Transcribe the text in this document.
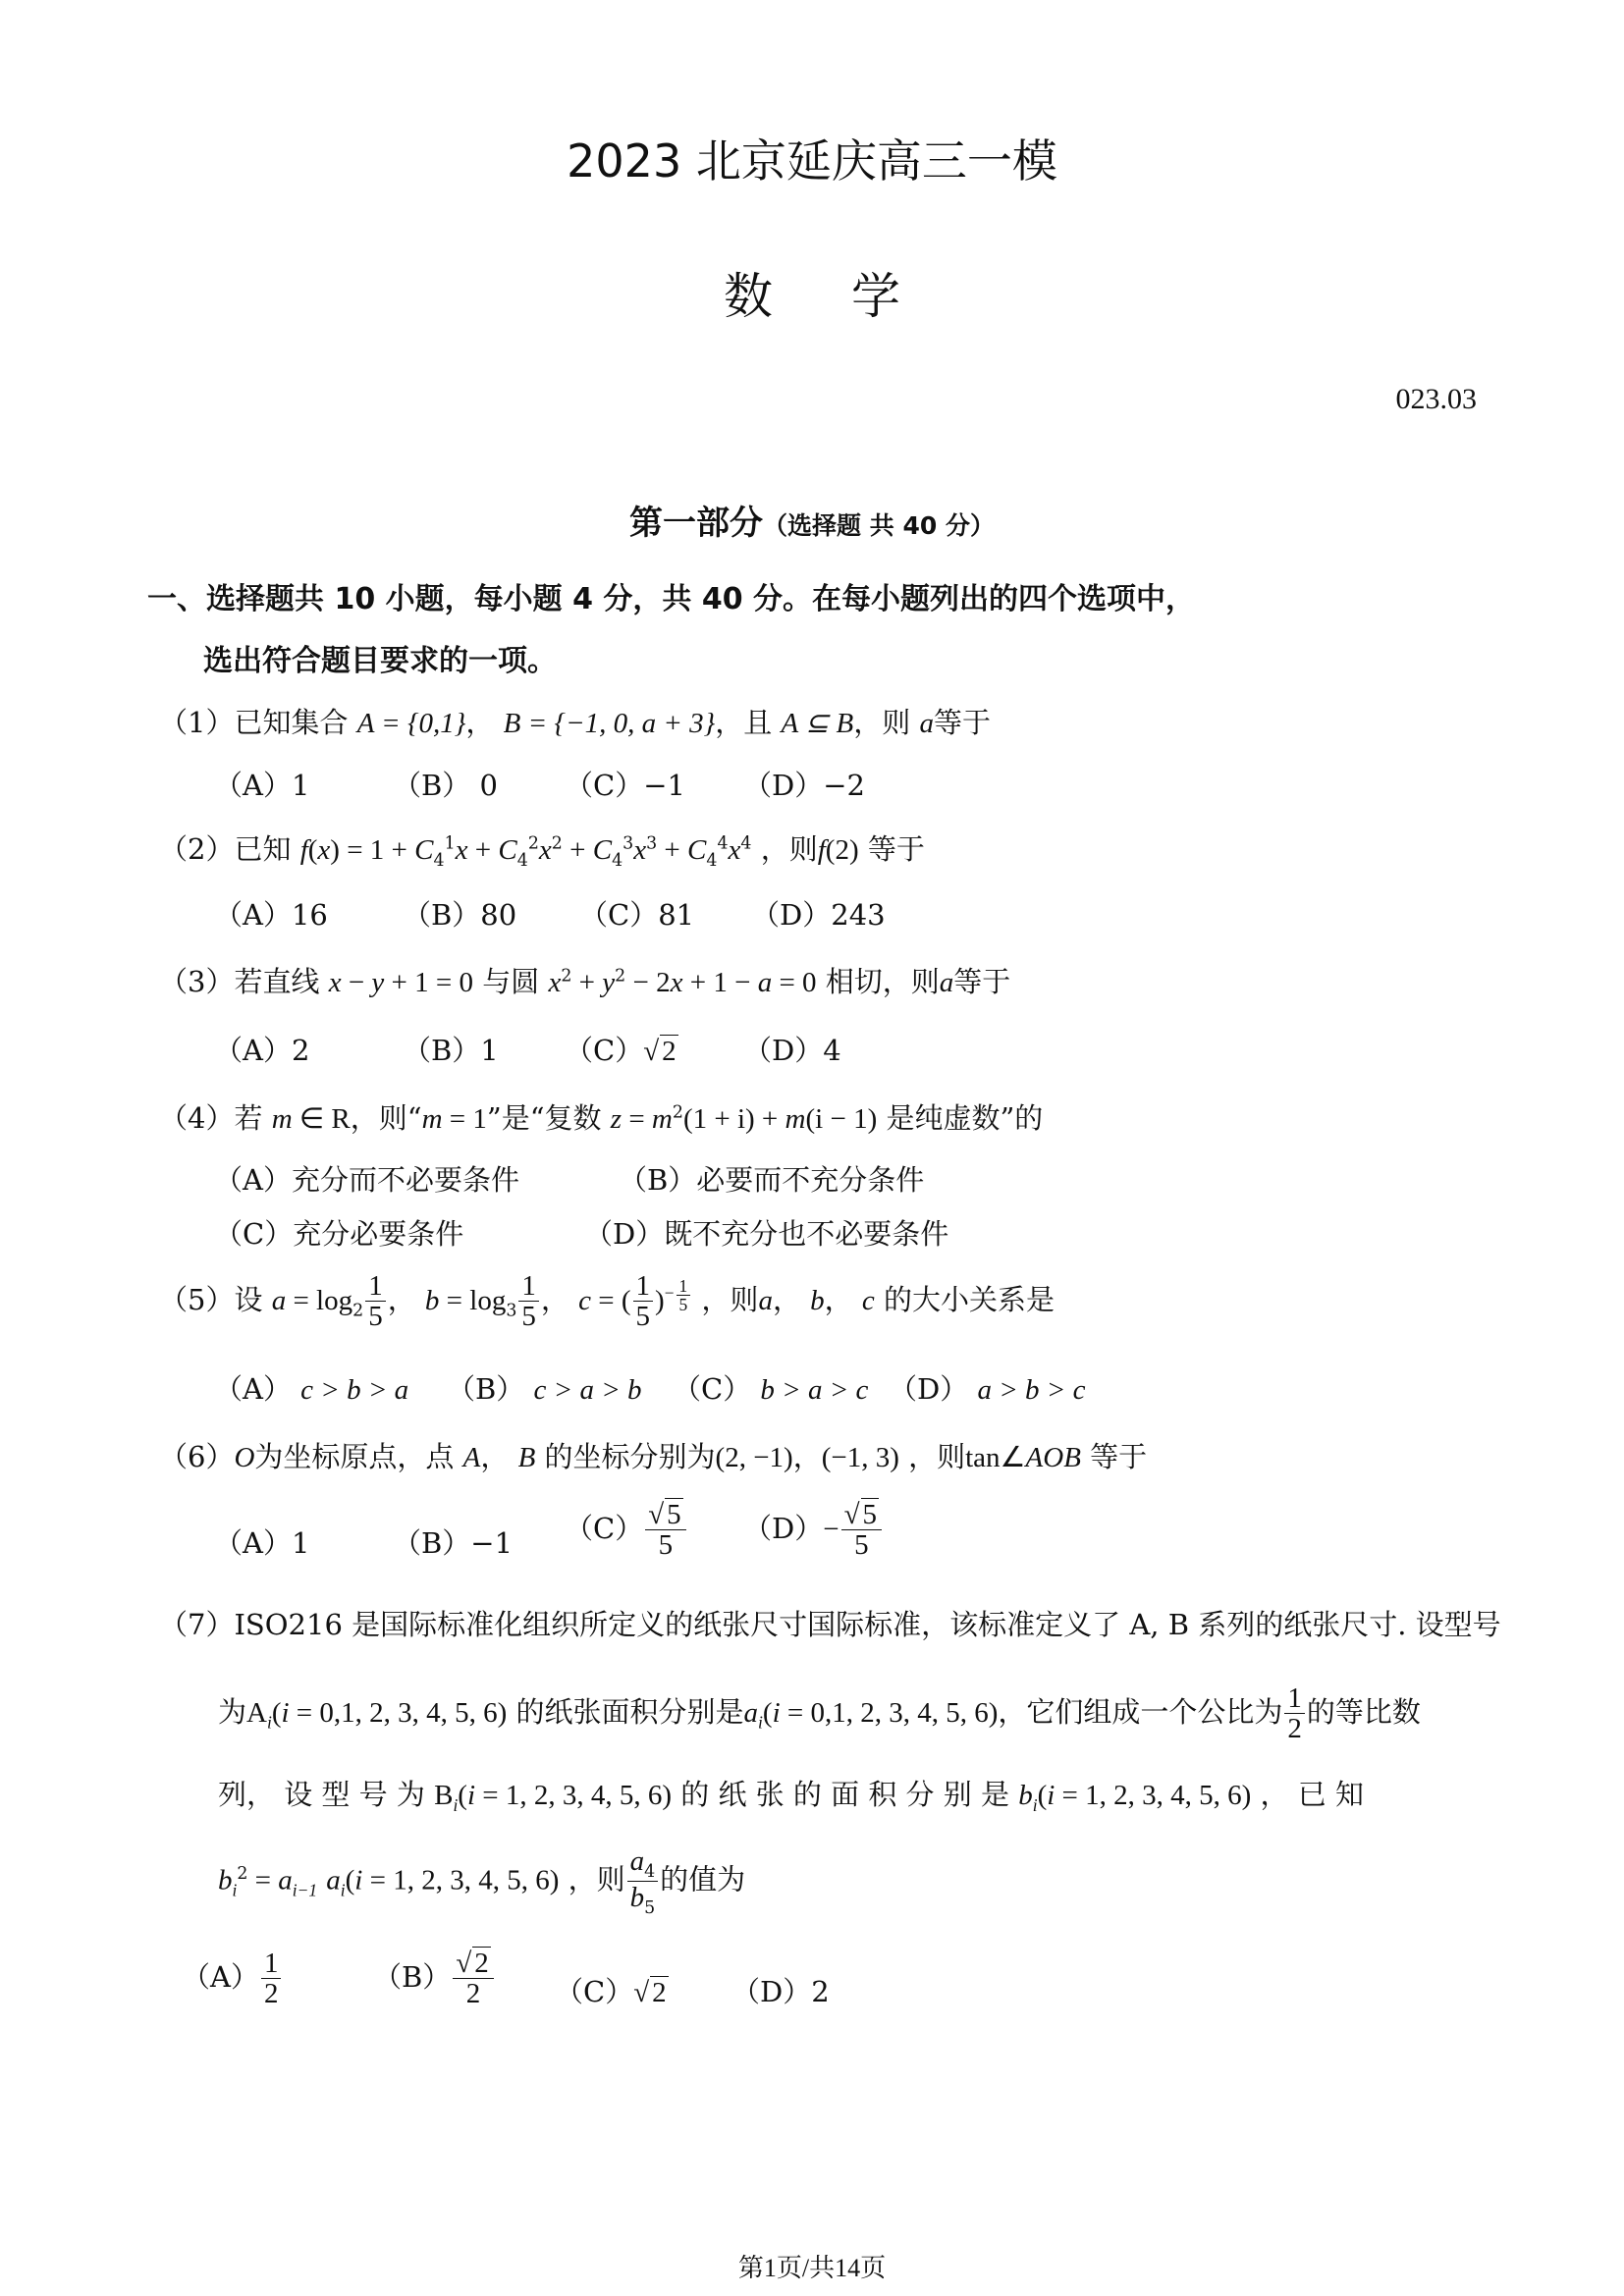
2023 北京延庆高三一模
数学
023.03
第一部分（选择题 共 40 分）
一、选择题共 10 小题，每小题 4 分，共 40 分。在每小题列出的四个选项中，
选出符合题目要求的一项。
（1）已知集合 A = {0,1}， B = {−1, 0, a + 3}，且 A ⊆ B，则 a等于
（A）1	（B） 0 （C）−1 （D）−2
（2）已知 $f(x) = 1 + C_4^1x + C_4^2x^2 + C_4^3x^3 + C_4^4x^4$ ，则f(2) 等于
（A）16	（B）80 （C）81 （D）243
（3）若直线 x − y + 1 = 0 与圆 $x^2 + y^2 - 2x + 1 - a = 0$ 相切，则a等于
（A）2	（B）1 （C）√ 2 （D）4
（4）若 m ∈ R，则“m = 1”是“复数 $z = m^2(1 + i) + m(i - 1)$ 是纯虚数”的
（A）充分而不必要条件	（B）必要而不充分条件
（C）充分必要条件	（D）既不充分也不必要条件
（5）设 $a = \log_2 \frac{1}{5}$ ， $b = \log_3 \frac{1}{5}$ ， c = ( $\frac{1}{5} )^{- \frac{1}{5}}$ ，则a， b， c 的大小关系是
（A） c > b > a （B） c > a > b （C） b > a > c （D） a > b > c
（6）O为坐标原点，点 A， B 的坐标分别为(2, −1)，(−1, 3) ，则tan∠AOB 等于
（A）1	（B）−1 $(C) \frac{√ 5}{5} (D)- \frac{√ 5}{5}$
（7）ISO216 是国际标准化组织所定义的纸张尺寸国际标准，该标准定义了 A, B 系列的纸张尺寸. 设型号
为$A_i(i = 0,1$, 2, 3, 4, 5, 6) 的纸张面积分别是$a_i(i = 0,1$, 2, 3, 4, 5, 6)，它们组成一个公比为 $\frac{1}{2}$ 的等比数
列， 设 型 号 为 $B_i(i = 1$, 2, 3, 4, 5, 6) 的 纸 张 的 面 积 分 别 是 $b_i(i = 1$, 2, 3, 4, 5, 6) ， 已 知
$b_i^2 = a_{i-1}$ $a_i(i = 1$, 2, 3, 4, 5, 6) ，则 $\frac{a_4}{b_5}$ 的值为
$(A) \frac{1}{2}$	$(B) \frac{√ 2}{2} (C)√$ 2 （D）2
第1页/共14页
